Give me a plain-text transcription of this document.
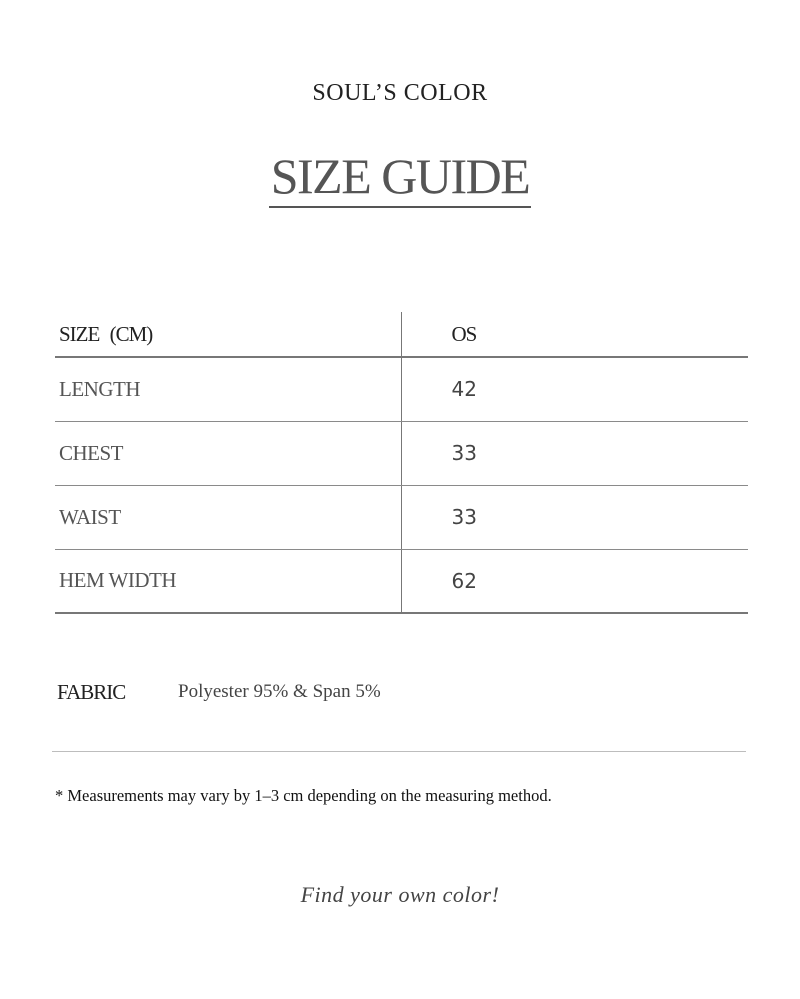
SOUL’S COLOR
SIZE GUIDE
SIZE (CM)	OS
LENGTH	42
CHEST	33
WAIST	33
HEM WIDTH	62
FABRIC	Polyester 95% & Span 5%
* Measurements may vary by 1–3 cm depending on the measuring method.
Find your own color!
